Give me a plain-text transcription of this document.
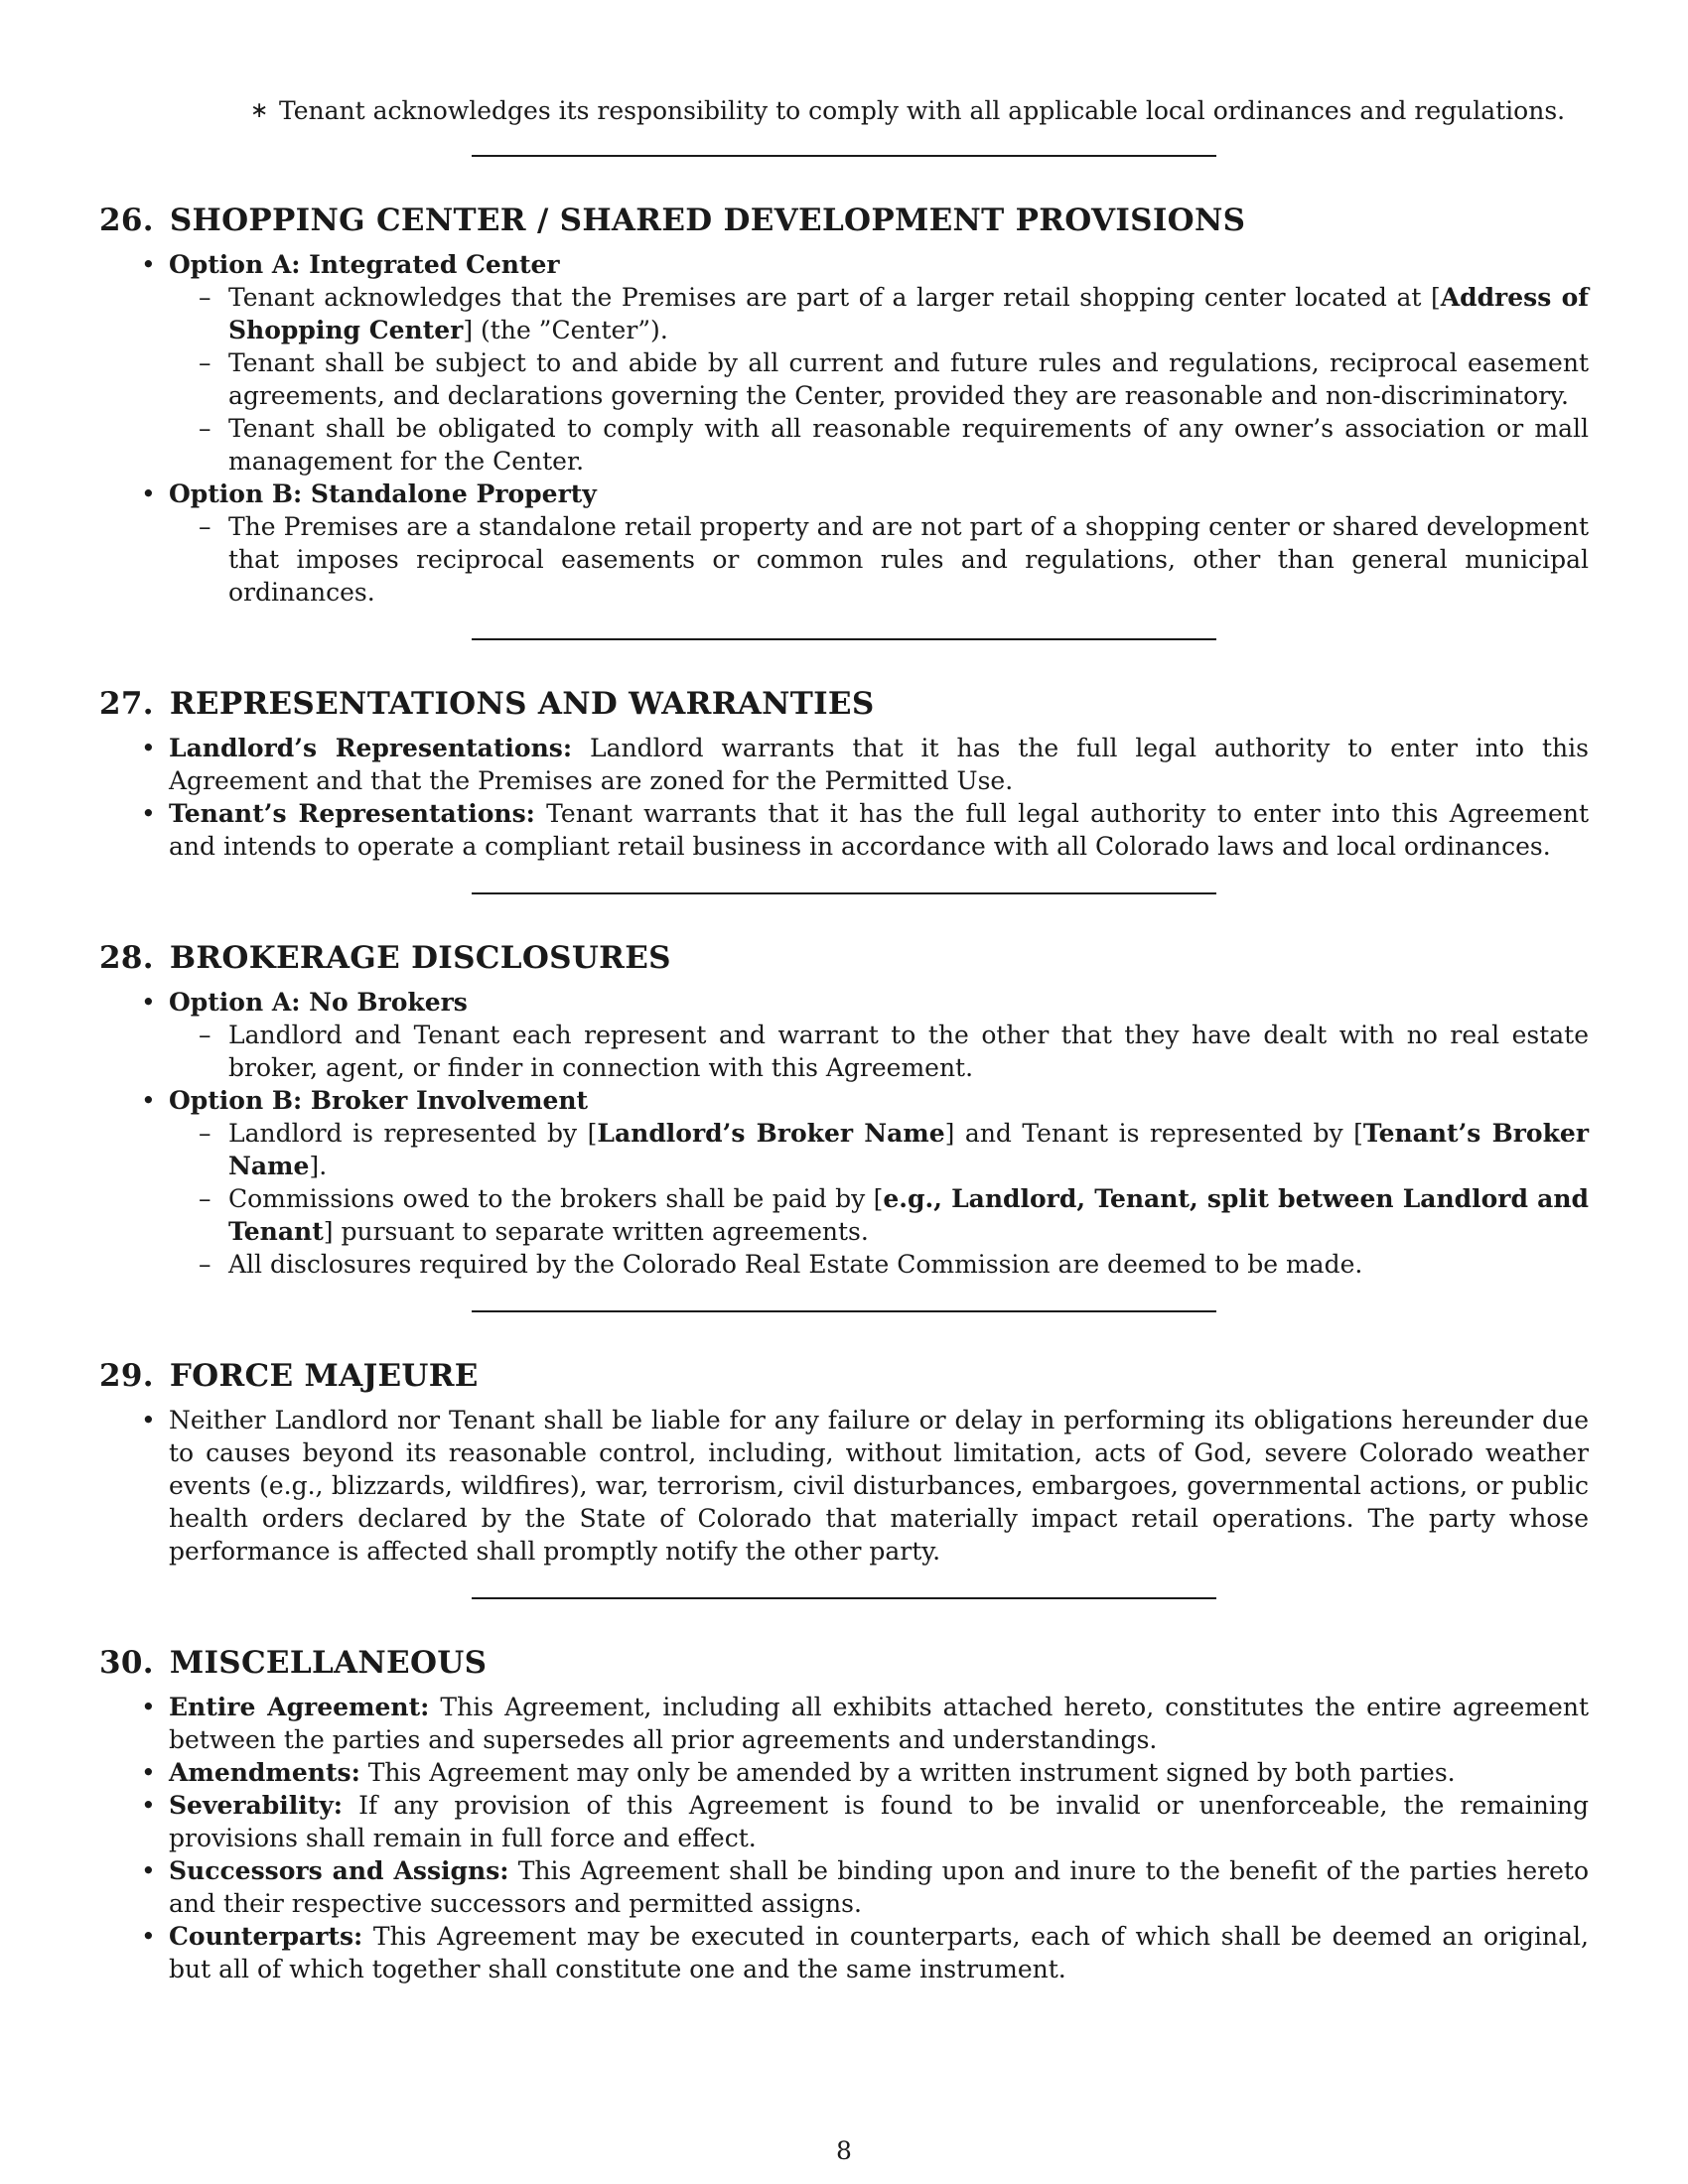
∗ Tenant acknowledges its responsibility to comply with all applicable local ordinances and regulations.
26. SHOPPING CENTER / SHARED DEVELOPMENT PROVISIONS
• Option A: Integrated Center
– Tenant acknowledges that the Premises are part of a larger retail shopping center located at [Address of Shopping Center] (the ”Center”).
– Tenant shall be subject to and abide by all current and future rules and regulations, reciprocal easement agreements, and declarations governing the Center, provided they are reasonable and non-discriminatory.
– Tenant shall be obligated to comply with all reasonable requirements of any owner’s association or mall management for the Center.
• Option B: Standalone Property
– The Premises are a standalone retail property and are not part of a shopping center or shared development that imposes reciprocal easements or common rules and regulations, other than general municipal ordinances.
27. REPRESENTATIONS AND WARRANTIES
• Landlord’s Representations: Landlord warrants that it has the full legal authority to enter into this Agreement and that the Premises are zoned for the Permitted Use.
• Tenant’s Representations: Tenant warrants that it has the full legal authority to enter into this Agreement and intends to operate a compliant retail business in accordance with all Colorado laws and local ordinances.
28. BROKERAGE DISCLOSURES
• Option A: No Brokers
– Landlord and Tenant each represent and warrant to the other that they have dealt with no real estate broker, agent, or finder in connection with this Agreement.
• Option B: Broker Involvement
– Landlord is represented by [Landlord’s Broker Name] and Tenant is represented by [Tenant’s Broker Name].
– Commissions owed to the brokers shall be paid by [e.g., Landlord, Tenant, split between Landlord and Tenant] pursuant to separate written agreements.
– All disclosures required by the Colorado Real Estate Commission are deemed to be made.
29. FORCE MAJEURE
• Neither Landlord nor Tenant shall be liable for any failure or delay in performing its obligations hereunder due to causes beyond its reasonable control, including, without limitation, acts of God, severe Colorado weather events (e.g., blizzards, wildfires), war, terrorism, civil disturbances, embargoes, governmental actions, or public health orders declared by the State of Colorado that materially impact retail operations. The party whose performance is affected shall promptly notify the other party.
30. MISCELLANEOUS
• Entire Agreement: This Agreement, including all exhibits attached hereto, constitutes the entire agreement between the parties and supersedes all prior agreements and understandings.
• Amendments: This Agreement may only be amended by a written instrument signed by both parties.
• Severability: If any provision of this Agreement is found to be invalid or unenforceable, the remaining provisions shall remain in full force and effect.
• Successors and Assigns: This Agreement shall be binding upon and inure to the benefit of the parties hereto and their respective successors and permitted assigns.
• Counterparts: This Agreement may be executed in counterparts, each of which shall be deemed an original, but all of which together shall constitute one and the same instrument.
8
